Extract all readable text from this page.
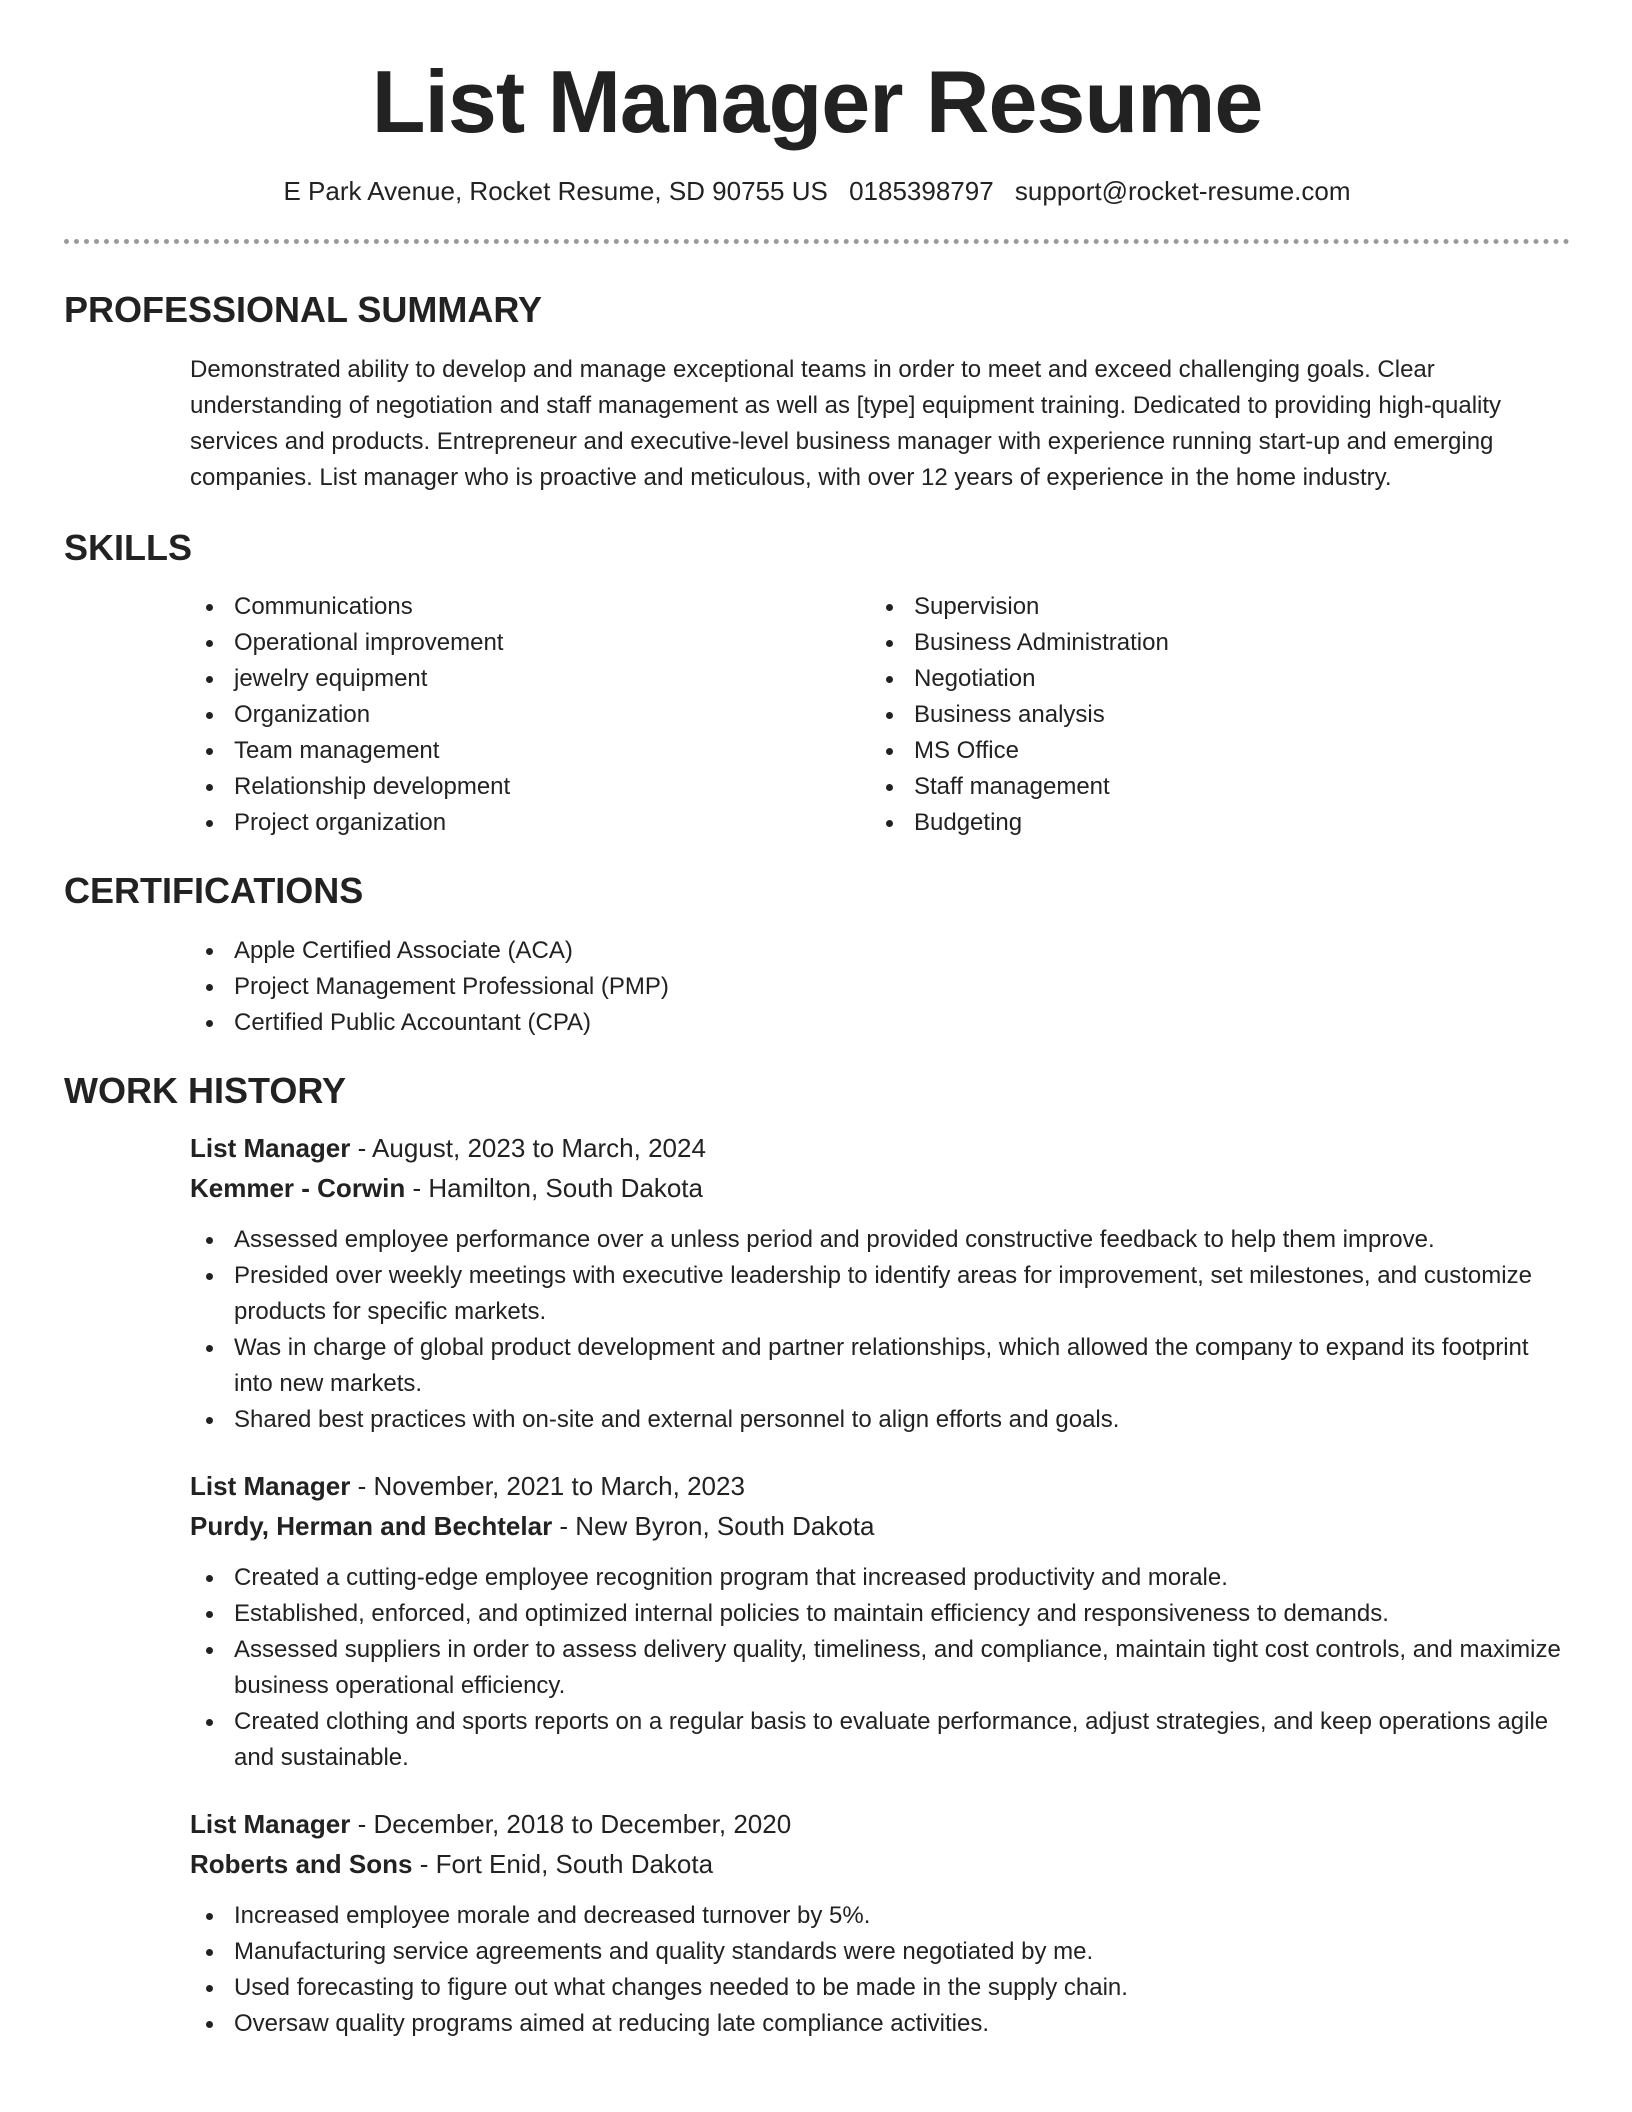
List Manager Resume
E Park Avenue, Rocket Resume, SD 90755 US 0185398797 support@rocket-resume.com
PROFESSIONAL SUMMARY
Demonstrated ability to develop and manage exceptional teams in order to meet and exceed challenging goals. Clear understanding of negotiation and staff management as well as [type] equipment training. Dedicated to providing high-quality services and products. Entrepreneur and executive-level business manager with experience running start-up and emerging companies. List manager who is proactive and meticulous, with over 12 years of experience in the home industry.
SKILLS
Communications
Operational improvement
jewelry equipment
Organization
Team management
Relationship development
Project organization
Supervision
Business Administration
Negotiation
Business analysis
MS Office
Staff management
Budgeting
CERTIFICATIONS
Apple Certified Associate (ACA)
Project Management Professional (PMP)
Certified Public Accountant (CPA)
WORK HISTORY
List Manager - August, 2023 to March, 2024
Kemmer - Corwin - Hamilton, South Dakota
Assessed employee performance over a unless period and provided constructive feedback to help them improve.
Presided over weekly meetings with executive leadership to identify areas for improvement, set milestones, and customize products for specific markets.
Was in charge of global product development and partner relationships, which allowed the company to expand its footprint into new markets.
Shared best practices with on-site and external personnel to align efforts and goals.
List Manager - November, 2021 to March, 2023
Purdy, Herman and Bechtelar - New Byron, South Dakota
Created a cutting-edge employee recognition program that increased productivity and morale.
Established, enforced, and optimized internal policies to maintain efficiency and responsiveness to demands.
Assessed suppliers in order to assess delivery quality, timeliness, and compliance, maintain tight cost controls, and maximize business operational efficiency.
Created clothing and sports reports on a regular basis to evaluate performance, adjust strategies, and keep operations agile and sustainable.
List Manager - December, 2018 to December, 2020
Roberts and Sons - Fort Enid, South Dakota
Increased employee morale and decreased turnover by 5%.
Manufacturing service agreements and quality standards were negotiated by me.
Used forecasting to figure out what changes needed to be made in the supply chain.
Oversaw quality programs aimed at reducing late compliance activities.
